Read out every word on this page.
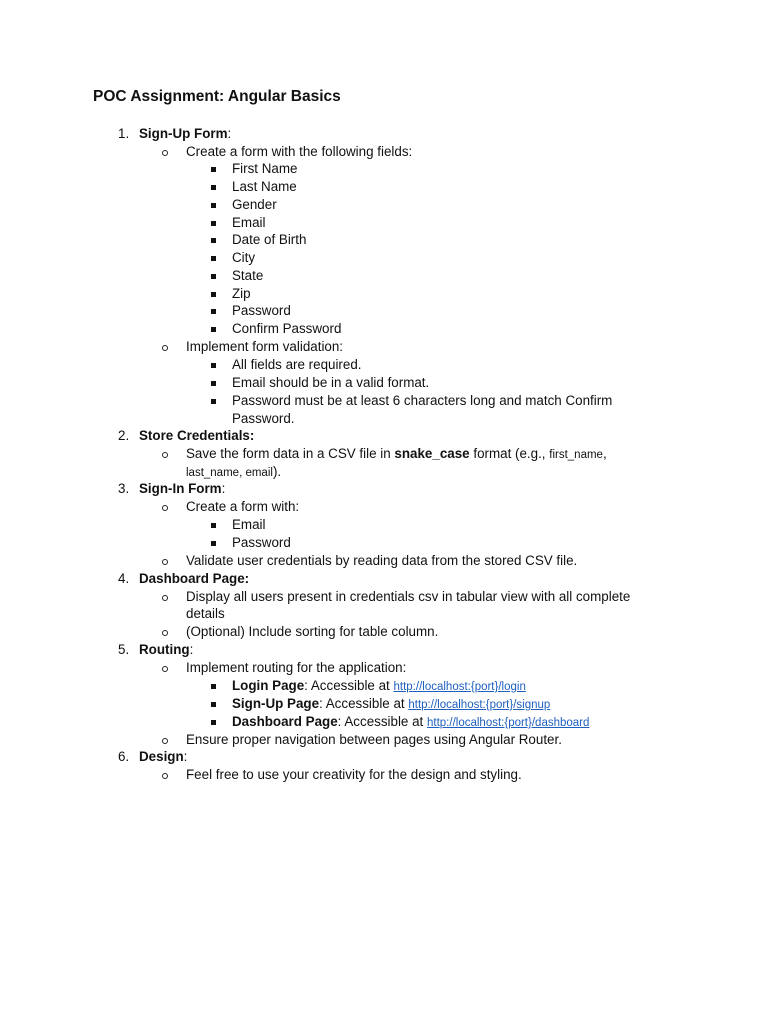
POC Assignment: Angular Basics
1. Sign-Up Form:
Create a form with the following fields:
First Name
Last Name
Gender
Email
Date of Birth
City
State
Zip
Password
Confirm Password
Implement form validation:
All fields are required.
Email should be in a valid format.
Password must be at least 6 characters long and match Confirm
Password.
2. Store Credentials:
Save the form data in a CSV file in snake_case format (e.g., first_name,
last_name, email).
3. Sign-In Form:
Create a form with:
Email
Password
Validate user credentials by reading data from the stored CSV file.
4. Dashboard Page:
Display all users present in credentials csv in tabular view with all complete
details
(Optional) Include sorting for table column.
5. Routing:
Implement routing for the application:
Login Page: Accessible at http://localhost:{port}/login
Sign-Up Page: Accessible at http://localhost:{port}/signup
Dashboard Page: Accessible at http://localhost:{port}/dashboard
Ensure proper navigation between pages using Angular Router.
6. Design:
Feel free to use your creativity for the design and styling.
